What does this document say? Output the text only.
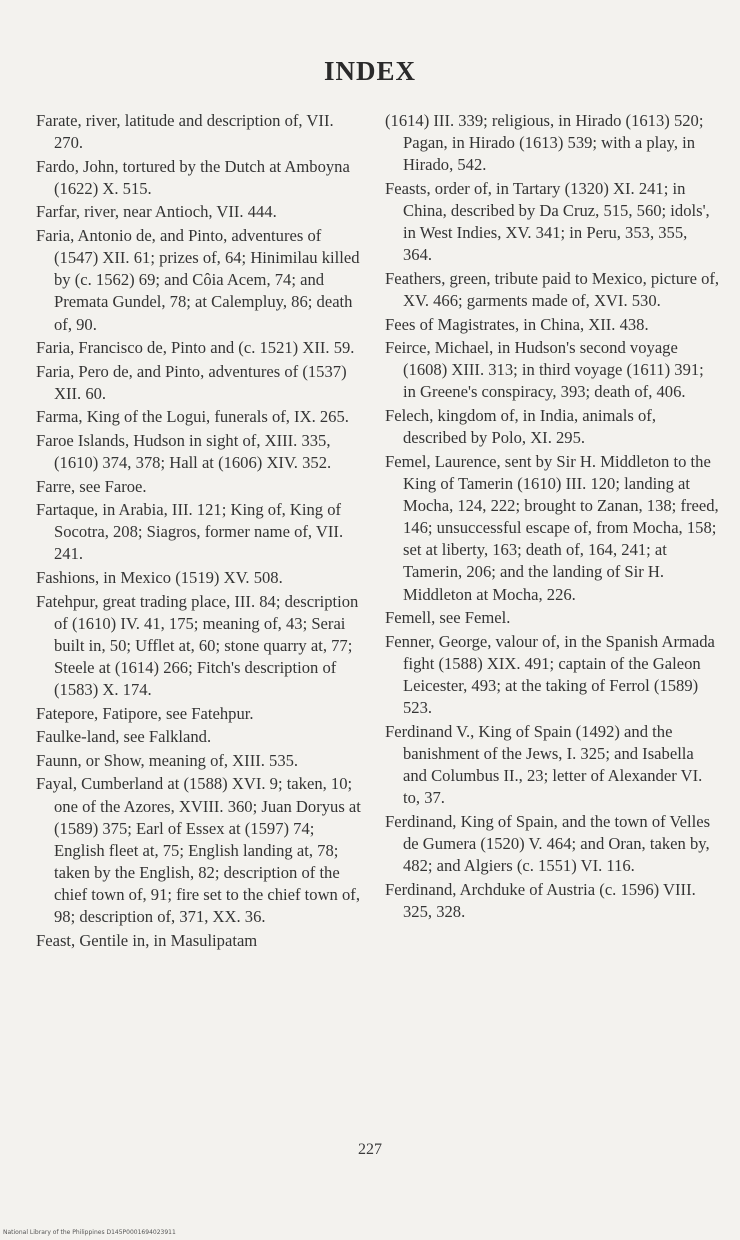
INDEX
Farate, river, latitude and description of, VII. 270.
Fardo, John, tortured by the Dutch at Amboyna (1622) X. 515.
Farfar, river, near Antioch, VII. 444.
Faria, Antonio de, and Pinto, adventures of (1547) XII. 61; prizes of, 64; Hinimilau killed by (c. 1562) 69; and Côia Acem, 74; and Premata Gundel, 78; at Calempluy, 86; death of, 90.
Faria, Francisco de, Pinto and (c. 1521) XII. 59.
Faria, Pero de, and Pinto, adventures of (1537) XII. 60.
Farma, King of the Logui, funerals of, IX. 265.
Faroe Islands, Hudson in sight of, XIII. 335, (1610) 374, 378; Hall at (1606) XIV. 352.
Farre, see Faroe.
Fartaque, in Arabia, III. 121; King of, King of Socotra, 208; Siagros, former name of, VII. 241.
Fashions, in Mexico (1519) XV. 508.
Fatehpur, great trading place, III. 84; description of (1610) IV. 41, 175; meaning of, 43; Serai built in, 50; Ufflet at, 60; stone quarry at, 77; Steele at (1614) 266; Fitch's description of (1583) X. 174.
Fatepore, Fatipore, see Fatehpur.
Faulke-land, see Falkland.
Faunn, or Show, meaning of, XIII. 535.
Fayal, Cumberland at (1588) XVI. 9; taken, 10; one of the Azores, XVIII. 360; Juan Doryus at (1589) 375; Earl of Essex at (1597) 74; English fleet at, 75; English landing at, 78; taken by the English, 82; description of the chief town of, 91; fire set to the chief town of, 98; description of, 371, XX. 36.
Feast, Gentile in, in Masulipatam
(1614) III. 339; religious, in Hirado (1613) 520; Pagan, in Hirado (1613) 539; with a play, in Hirado, 542.
Feasts, order of, in Tartary (1320) XI. 241; in China, described by Da Cruz, 515, 560; idols', in West Indies, XV. 341; in Peru, 353, 355, 364.
Feathers, green, tribute paid to Mexico, picture of, XV. 466; garments made of, XVI. 530.
Fees of Magistrates, in China, XII. 438.
Feirce, Michael, in Hudson's second voyage (1608) XIII. 313; in third voyage (1611) 391; in Greene's conspiracy, 393; death of, 406.
Felech, kingdom of, in India, animals of, described by Polo, XI. 295.
Femel, Laurence, sent by Sir H. Middleton to the King of Tamerin (1610) III. 120; landing at Mocha, 124, 222; brought to Zanan, 138; freed, 146; unsuccessful escape of, from Mocha, 158; set at liberty, 163; death of, 164, 241; at Tamerin, 206; and the landing of Sir H. Middleton at Mocha, 226.
Femell, see Femel.
Fenner, George, valour of, in the Spanish Armada fight (1588) XIX. 491; captain of the Galeon Leicester, 493; at the taking of Ferrol (1589) 523.
Ferdinand V., King of Spain (1492) and the banishment of the Jews, I. 325; and Isabella and Columbus II., 23; letter of Alexander VI. to, 37.
Ferdinand, King of Spain, and the town of Velles de Gumera (1520) V. 464; and Oran, taken by, 482; and Algiers (c. 1551) VI. 116.
Ferdinand, Archduke of Austria (c. 1596) VIII. 325, 328.
227
National Library of the Philippines D145P0001694023911
